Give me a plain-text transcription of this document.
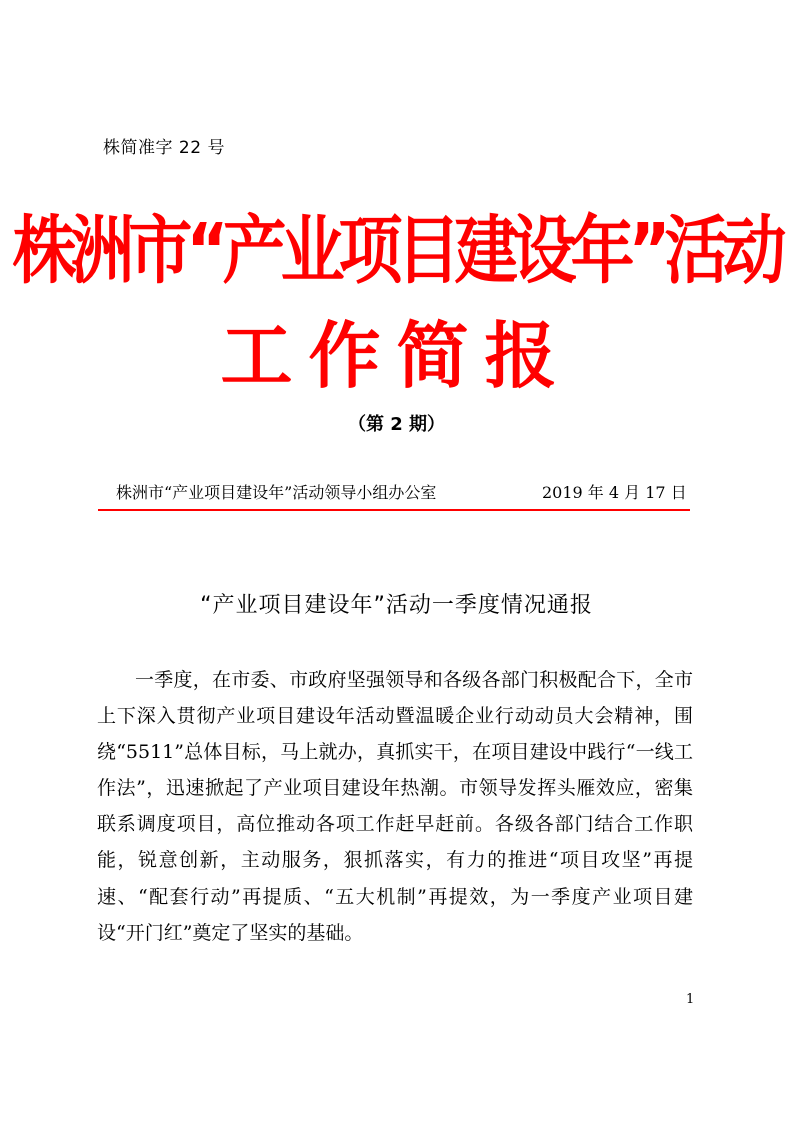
株简准字 22 号
株洲市“产业项目建设年”活动
工作简报
（第 2 期）
株洲市“产业项目建设年”活动领导小组办公室	2019 年 4 月 17 日
“产业项目建设年”活动一季度情况通报

一季度，在市委、市政府坚强领导和各级各部门积极配合下，全市上下深入贯彻产业项目建设年活动暨温暖企业行动动员大会精神，围绕“5511”总体目标，马上就办，真抓实干，在项目建设中践行“一线工作法”，迅速掀起了产业项目建设年热潮。市领导发挥头雁效应，密集联系调度项目，高位推动各项工作赶早赶前。各级各部门结合工作职能，锐意创新，主动服务，狠抓落实，有力的推进“项目攻坚”再提速、“配套行动”再提质、“五大机制”再提效，为一季度产业项目建设“开门红”奠定了坚实的基础。

1
